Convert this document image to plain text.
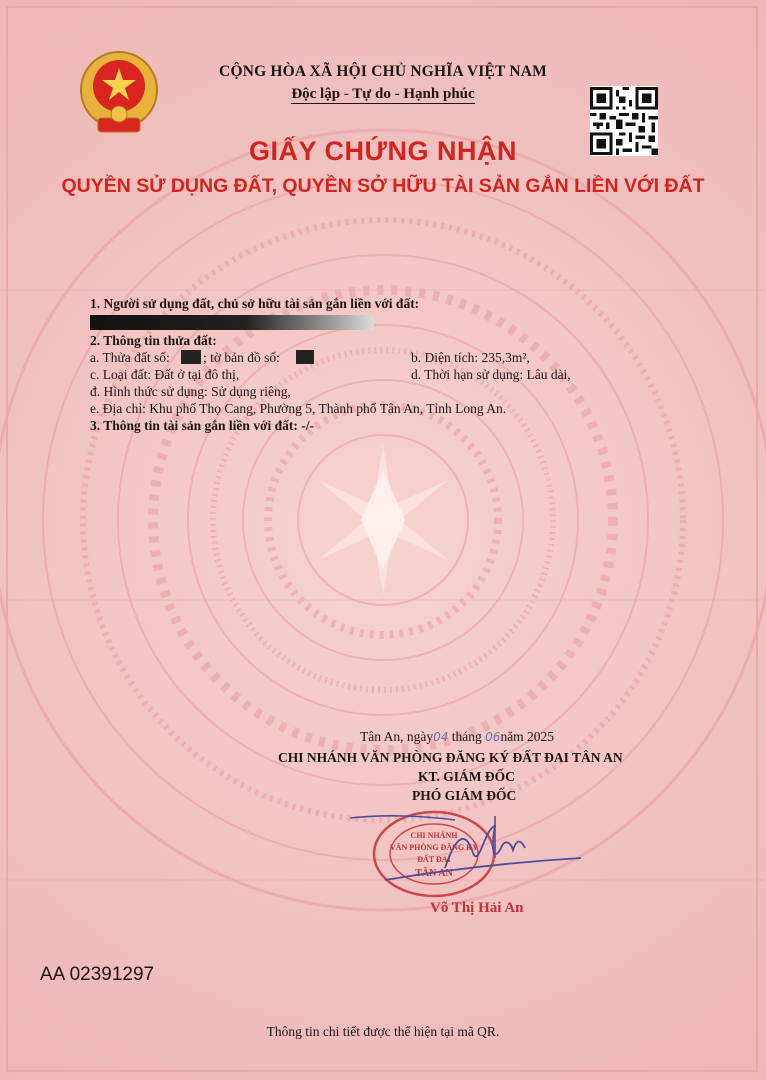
CỘNG HÒA XÃ HỘI CHỦ NGHĨA VIỆT NAM
Độc lập - Tự do - Hạnh phúc
GIẤY CHỨNG NHẬN
QUYỀN SỬ DỤNG ĐẤT, QUYỀN SỞ HỮU TÀI SẢN GẮN LIỀN VỚI ĐẤT
1. Người sử dụng đất, chủ sở hữu tài sản gắn liền với đất:
2. Thông tin thửa đất:
a. Thửa đất số: ; tờ bản đồ số:	b. Diện tích: 235,3m²,
c. Loại đất: Đất ở tại đô thị,	d. Thời hạn sử dụng: Lâu dài,
đ. Hình thức sử dụng: Sử dụng riêng,
e. Địa chỉ: Khu phố Thọ Cang, Phường 5, Thành phố Tân An, Tỉnh Long An.
3. Thông tin tài sản gắn liền với đất: -/-
Tân An, ngày04 tháng 06năm 2025
CHI NHÁNH VĂN PHÒNG ĐĂNG KÝ ĐẤT ĐAI TÂN AN
KT. GIÁM ĐỐC
PHÓ GIÁM ĐỐC
CHI NHÁNH
VĂN PHÒNG ĐĂNG KÝ
ĐẤT ĐAI
TÂN AN
Võ Thị Hải An
AA 02391297
Thông tin chi tiết được thể hiện tại mã QR.
